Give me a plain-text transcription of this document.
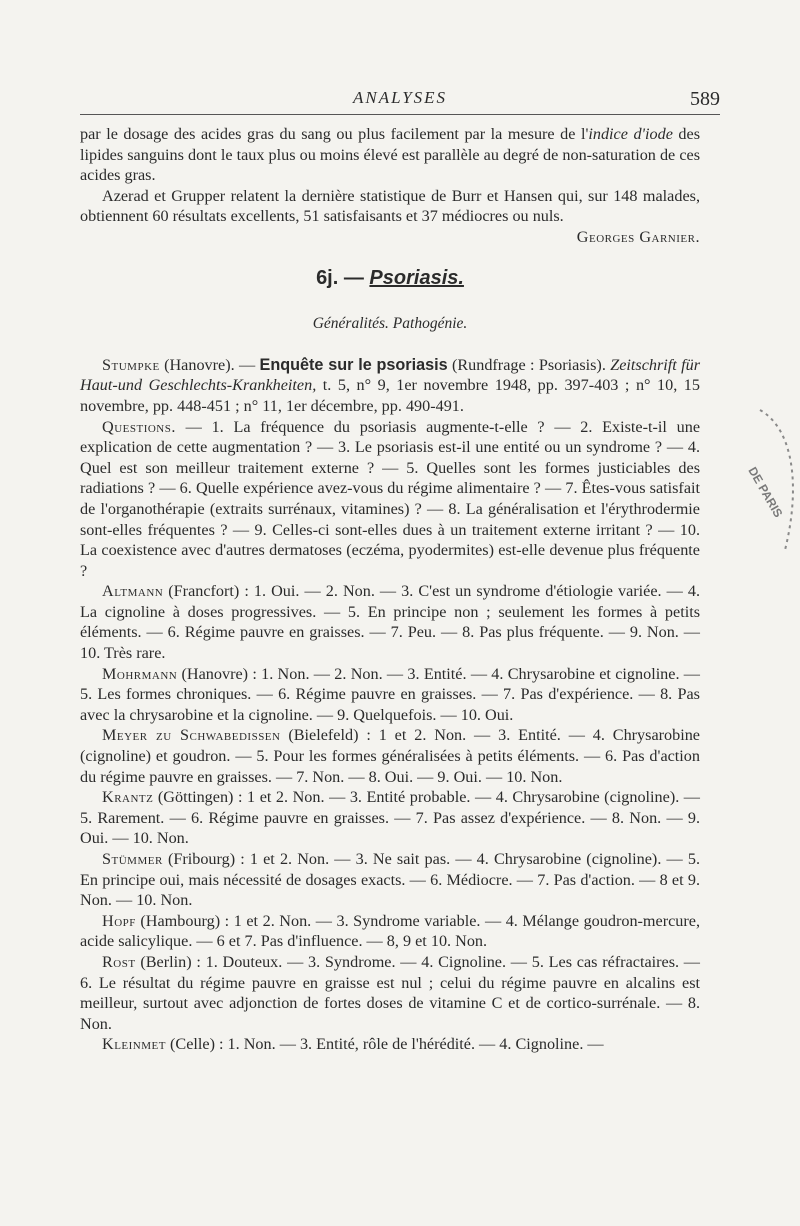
ANALYSES	589

par le dosage des acides gras du sang ou plus facilement par la mesure de l'indice d'iode des lipides sanguins dont le taux plus ou moins élevé est parallèle au degré de non-saturation de ces acides gras.

Azerad et Grupper relatent la dernière statistique de Burr et Hansen qui, sur 148 malades, obtiennent 60 résultats excellents, 51 satisfaisants et 37 médiocres ou nuls.

Georges Garnier.

6j. — Psoriasis.
Généralités. Pathogénie.

Stumpke (Hanovre). — Enquête sur le psoriasis (Rundfrage : Psoriasis). Zeitschrift für Haut-und Geschlechts-Krankheiten, t. 5, n° 9, 1er novembre 1948, pp. 397-403 ; n° 10, 15 novembre, pp. 448-451 ; n° 11, 1er décembre, pp. 490-491.

Questions. — 1. La fréquence du psoriasis augmente-t-elle ? — 2. Existe-t-il une explication de cette augmentation ? — 3. Le psoriasis est-il une entité ou un syndrome ? — 4. Quel est son meilleur traitement externe ? — 5. Quelles sont les formes justiciables des radiations ? — 6. Quelle expérience avez-vous du régime alimentaire ? — 7. Êtes-vous satisfait de l'organothérapie (extraits surrénaux, vitamines) ? — 8. La généralisation et l'érythrodermie sont-elles fréquentes ? — 9. Celles-ci sont-elles dues à un traitement externe irritant ? — 10. La coexistence avec d'autres dermatoses (eczéma, pyodermites) est-elle devenue plus fréquente ?

Altmann (Francfort) : 1. Oui. — 2. Non. — 3. C'est un syndrome d'étiologie variée. — 4. La cignoline à doses progressives. — 5. En principe non ; seulement les formes à petits éléments. — 6. Régime pauvre en graisses. — 7. Peu. — 8. Pas plus fréquente. — 9. Non. — 10. Très rare.

Mohrmann (Hanovre) : 1. Non. — 2. Non. — 3. Entité. — 4. Chrysarobine et cignoline. — 5. Les formes chroniques. — 6. Régime pauvre en graisses. — 7. Pas d'expérience. — 8. Pas avec la chrysarobine et la cignoline. — 9. Quelquefois. — 10. Oui.

Meyer zu Schwabedissen (Bielefeld) : 1 et 2. Non. — 3. Entité. — 4. Chrysarobine (cignoline) et goudron. — 5. Pour les formes généralisées à petits éléments. — 6. Pas d'action du régime pauvre en graisses. — 7. Non. — 8. Oui. — 9. Oui. — 10. Non.

Krantz (Göttingen) : 1 et 2. Non. — 3. Entité probable. — 4. Chrysarobine (cignoline). — 5. Rarement. — 6. Régime pauvre en graisses. — 7. Pas assez d'expérience. — 8. Non. — 9. Oui. — 10. Non.

Stümmer (Fribourg) : 1 et 2. Non. — 3. Ne sait pas. — 4. Chrysarobine (cignoline). — 5. En principe oui, mais nécessité de dosages exacts. — 6. Médiocre. — 7. Pas d'action. — 8 et 9. Non. — 10. Non.

Hopf (Hambourg) : 1 et 2. Non. — 3. Syndrome variable. — 4. Mélange goudron-mercure, acide salicylique. — 6 et 7. Pas d'influence. — 8, 9 et 10. Non.

Rost (Berlin) : 1. Douteux. — 3. Syndrome. — 4. Cignoline. — 5. Les cas réfractaires. — 6. Le résultat du régime pauvre en graisse est nul ; celui du régime pauvre en alcalins est meilleur, surtout avec adjonction de fortes doses de vitamine C et de cortico-surrénale. — 8. Non.

Kleinmet (Celle) : 1. Non. — 3. Entité, rôle de l'hérédité. — 4. Cignoline. —

DE PARIS
